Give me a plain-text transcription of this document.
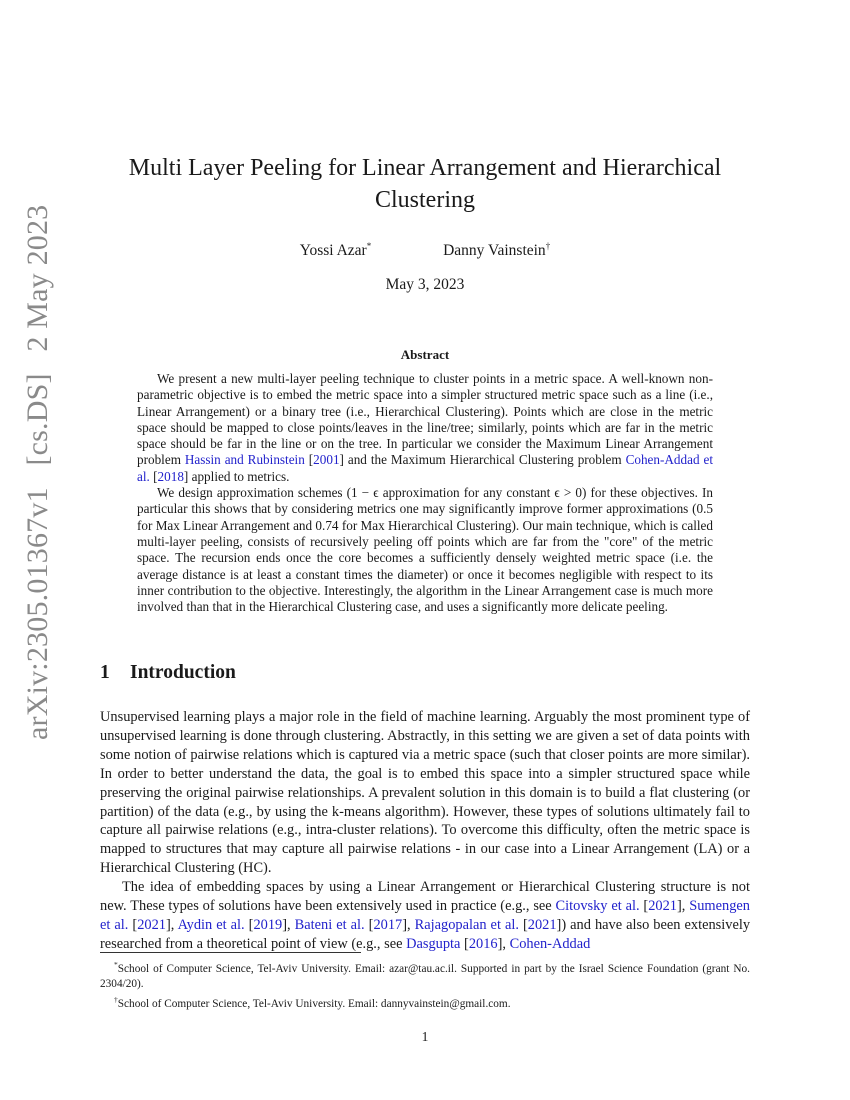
arXiv:2305.01367v1 [cs.DS] 2 May 2023
Multi Layer Peeling for Linear Arrangement and Hierarchical Clustering
Yossi Azar*	Danny Vainstein†
May 3, 2023
Abstract

We present a new multi-layer peeling technique to cluster points in a metric space. A well-known non-parametric objective is to embed the metric space into a simpler structured metric space such as a line (i.e., Linear Arrangement) or a binary tree (i.e., Hierarchical Clustering). Points which are close in the metric space should be mapped to close points/leaves in the line/tree; similarly, points which are far in the metric space should be far in the line or on the tree. In particular we consider the Maximum Linear Arrangement problem Hassin and Rubinstein [2001] and the Maximum Hierarchical Clustering problem Cohen-Addad et al. [2018] applied to metrics.

We design approximation schemes (1 − ϵ approximation for any constant ϵ > 0) for these objectives. In particular this shows that by considering metrics one may significantly improve former approximations (0.5 for Max Linear Arrangement and 0.74 for Max Hierarchical Clustering). Our main technique, which is called multi-layer peeling, consists of recursively peeling off points which are far from the "core" of the metric space. The recursion ends once the core becomes a sufficiently densely weighted metric space (i.e. the average distance is at least a constant times the diameter) or once it becomes negligible with respect to its inner contribution to the objective. Interestingly, the algorithm in the Linear Arrangement case is much more involved than that in the Hierarchical Clustering case, and uses a significantly more delicate peeling.

1 Introduction

Unsupervised learning plays a major role in the field of machine learning. Arguably the most prominent type of unsupervised learning is done through clustering. Abstractly, in this setting we are given a set of data points with some notion of pairwise relations which is captured via a metric space (such that closer points are more similar). In order to better understand the data, the goal is to embed this space into a simpler structured space while preserving the original pairwise relationships. A prevalent solution in this domain is to build a flat clustering (or partition) of the data (e.g., by using the k-means algorithm). However, these types of solutions ultimately fail to capture all pairwise relations (e.g., intra-cluster relations). To overcome this difficulty, often the metric space is mapped to structures that may capture all pairwise relations - in our case into a Linear Arrangement (LA) or a Hierarchical Clustering (HC).

The idea of embedding spaces by using a Linear Arrangement or Hierarchical Clustering structure is not new. These types of solutions have been extensively used in practice (e.g., see Citovsky et al. [2021], Sumengen et al. [2021], Aydin et al. [2019], Bateni et al. [2017], Rajagopalan et al. [2021]) and have also been extensively researched from a theoretical point of view (e.g., see Dasgupta [2016], Cohen-Addad

*School of Computer Science, Tel-Aviv University. Email: azar@tau.ac.il. Supported in part by the Israel Science Foundation (grant No. 2304/20).

†School of Computer Science, Tel-Aviv University. Email: dannyvainstein@gmail.com.

1
